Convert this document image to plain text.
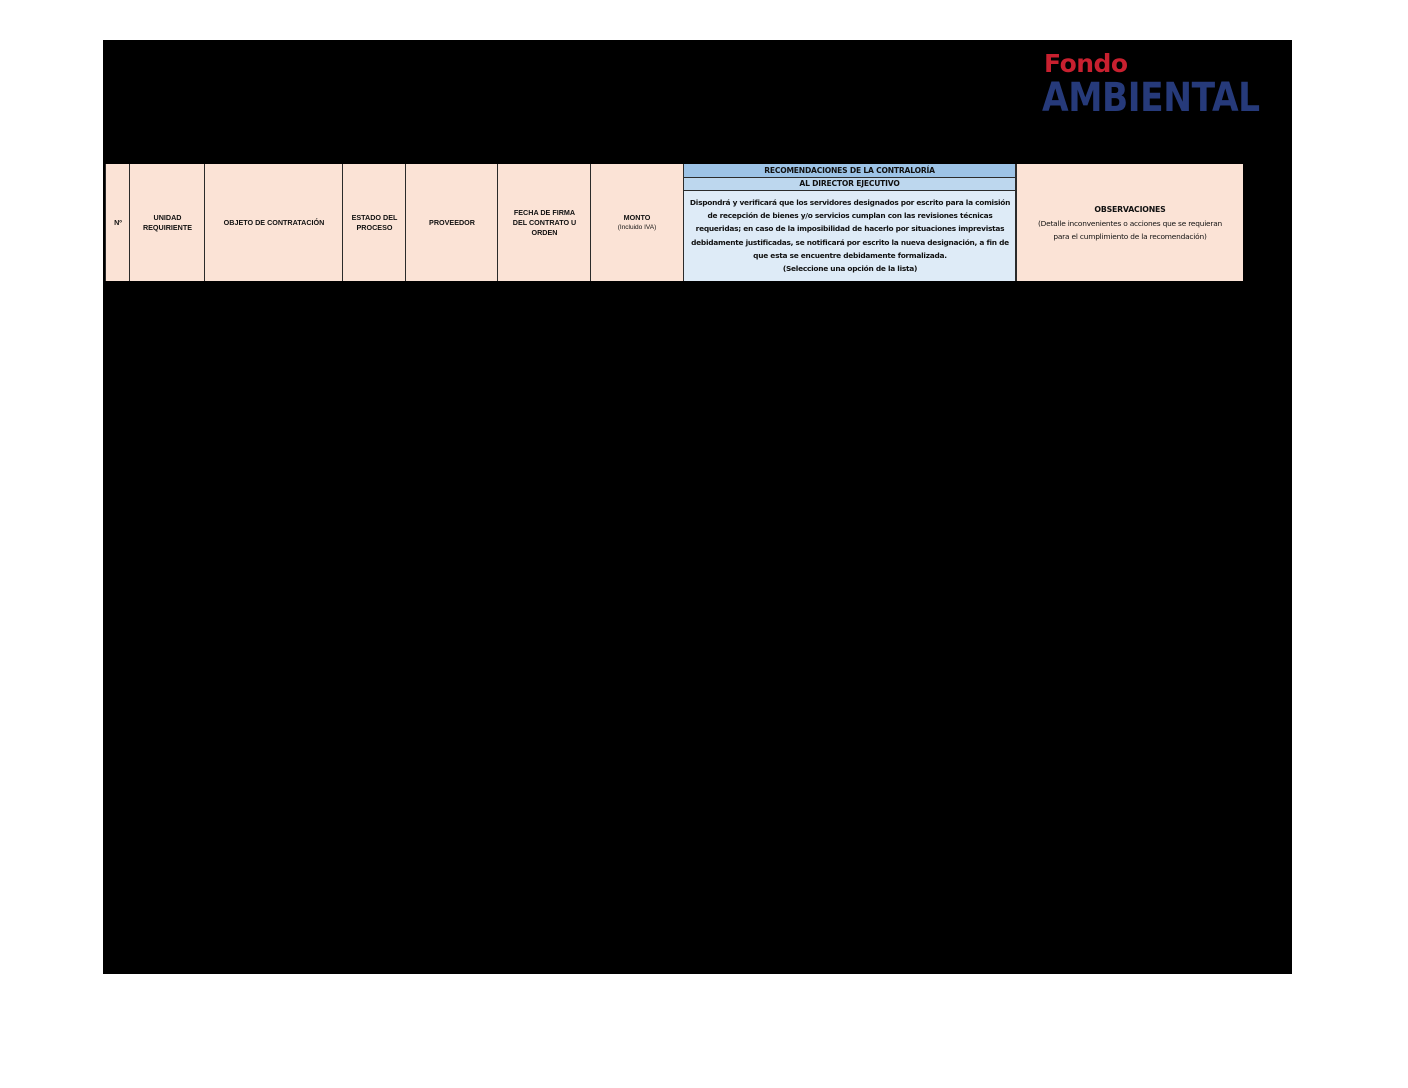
Fondo
AMBIENTAL
Nº
UNIDAD REQUIRIENTE
OBJETO DE CONTRATACIÓN
ESTADO DEL PROCESO
PROVEEDOR
FECHA DE FIRMA DEL CONTRATO U ORDEN
MONTO
(Incluido IVA)
RECOMENDACIONES DE LA CONTRALORÍA
AL DIRECTOR EJECUTIVO
Dispondrá y verificará que los servidores designados por escrito para la comisión
de recepción de bienes y/o servicios cumplan con las revisiones técnicas
requeridas; en caso de la imposibilidad de hacerlo por situaciones imprevistas
debidamente justificadas, se notificará por escrito la nueva designación, a fin de
que esta se encuentre debidamente formalizada.
(Seleccione una opción de la lista)
OBSERVACIONES
(Detalle inconvenientes o acciones que se requieran
para el cumplimiento de la recomendación)
